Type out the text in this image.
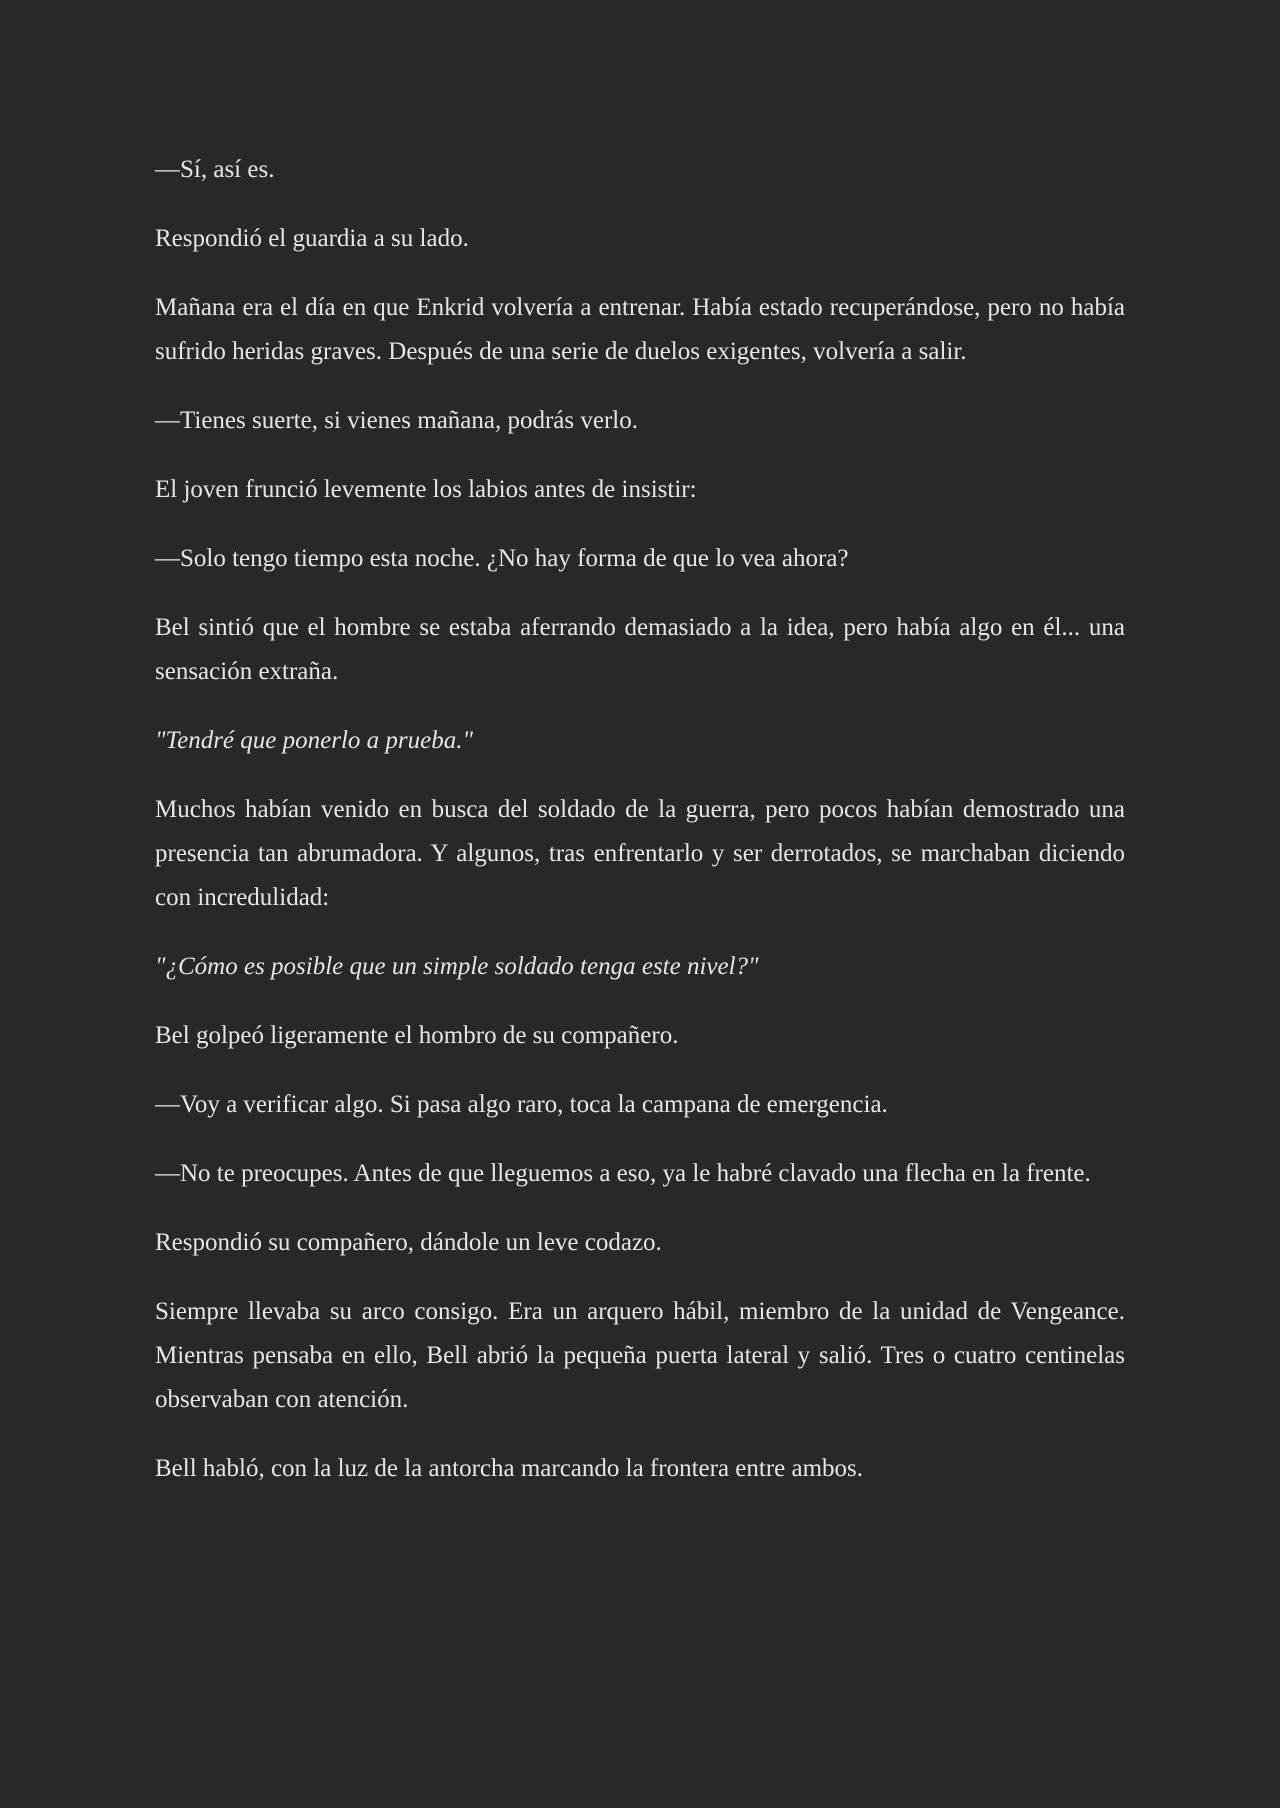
—Sí, así es.

Respondió el guardia a su lado.

Mañana era el día en que Enkrid volvería a entrenar. Había estado recuperándose, pero no había sufrido heridas graves. Después de una serie de duelos exigentes, volvería a salir.

—Tienes suerte, si vienes mañana, podrás verlo.

El joven frunció levemente los labios antes de insistir:

—Solo tengo tiempo esta noche. ¿No hay forma de que lo vea ahora?

Bel sintió que el hombre se estaba aferrando demasiado a la idea, pero había algo en él... una sensación extraña.

"Tendré que ponerlo a prueba."

Muchos habían venido en busca del soldado de la guerra, pero pocos habían demostrado una presencia tan abrumadora. Y algunos, tras enfrentarlo y ser derrotados, se marchaban diciendo con incredulidad:

"¿Cómo es posible que un simple soldado tenga este nivel?"

Bel golpeó ligeramente el hombro de su compañero.

—Voy a verificar algo. Si pasa algo raro, toca la campana de emergencia.

—No te preocupes. Antes de que lleguemos a eso, ya le habré clavado una flecha en la frente.

Respondió su compañero, dándole un leve codazo.

Siempre llevaba su arco consigo. Era un arquero hábil, miembro de la unidad de Vengeance. Mientras pensaba en ello, Bell abrió la pequeña puerta lateral y salió. Tres o cuatro centinelas observaban con atención.

Bell habló, con la luz de la antorcha marcando la frontera entre ambos.
